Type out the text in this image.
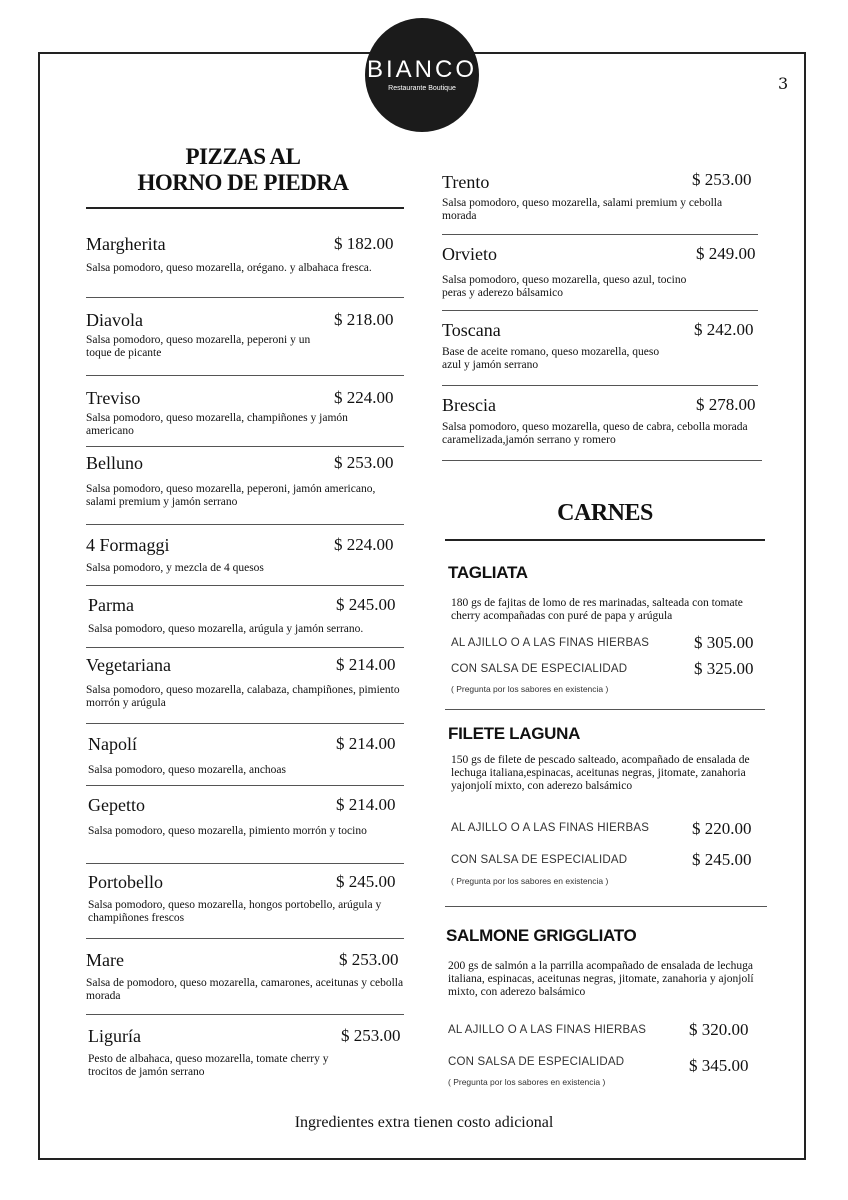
BIANCO
Restaurante Boutique	3
PIZZAS AL
HORNO DE PIEDRA
Margherita	$ 182.00
Salsa pomodoro, queso mozarella, orégano. y albahaca fresca.
Diavola	$ 218.00
Salsa pomodoro, queso mozarella, peperoni y un toque de picante
Treviso	$ 224.00
Salsa pomodoro, queso mozarella, champiñones y jamón americano
Belluno	$ 253.00
Salsa pomodoro, queso mozarella, peperoni, jamón americano, salami premium y jamón serrano
4 Formaggi	$ 224.00
Salsa pomodoro, y mezcla de 4 quesos
Parma	$ 245.00
Salsa pomodoro, queso mozarella, arúgula y jamón serrano.
Vegetariana	$ 214.00
Salsa pomodoro, queso mozarella, calabaza, champiñones, pimiento morrón y arúgula
Napolí	$ 214.00
Salsa pomodoro, queso mozarella, anchoas
Gepetto	$ 214.00
Salsa pomodoro, queso mozarella, pimiento morrón y tocino
Portobello	$ 245.00
Salsa pomodoro, queso mozarella, hongos portobello, arúgula y champiñones frescos
Mare	$ 253.00
Salsa de pomodoro, queso mozarella, camarones, aceitunas y cebolla morada
Liguría	$ 253.00
Pesto de albahaca, queso mozarella, tomate cherry y trocitos de jamón serrano
Trento	$ 253.00
Salsa pomodoro, queso mozarella, salami premium y cebolla morada
Orvieto	$ 249.00
Salsa pomodoro, queso mozarella, queso azul, tocino peras y aderezo bálsamico
Toscana	$ 242.00
Base de aceite romano, queso mozarella, queso azul y jamón serrano
Brescia	$ 278.00
Salsa pomodoro, queso mozarella, queso de cabra, cebolla morada caramelizada,jamón serrano y romero
CARNES
TAGLIATA
180 gs de fajitas de lomo de res marinadas, salteada con tomate cherry acompañadas con puré de papa y arúgula
AL AJILLO O A LAS FINAS HIERBAS	$ 305.00
CON SALSA DE ESPECIALIDAD	$ 325.00
( Pregunta por los sabores en existencia )
FILETE LAGUNA
150 gs de filete de pescado salteado, acompañado de ensalada de lechuga italiana,espinacas, aceitunas negras, jitomate, zanahoria yajonjolí mixto, con aderezo balsámico
AL AJILLO O A LAS FINAS HIERBAS	$ 220.00
CON SALSA DE ESPECIALIDAD	$ 245.00
( Pregunta por los sabores en existencia )
SALMONE GRIGGLIATO
200 gs de salmón a la parrilla acompañado de ensalada de lechuga italiana, espinacas, aceitunas negras, jitomate, zanahoria y ajonjolí mixto, con aderezo balsámico
AL AJILLO O A LAS FINAS HIERBAS	$ 320.00
CON SALSA DE ESPECIALIDAD	$ 345.00
( Pregunta por los sabores en existencia )
Ingredientes extra tienen costo adicional
